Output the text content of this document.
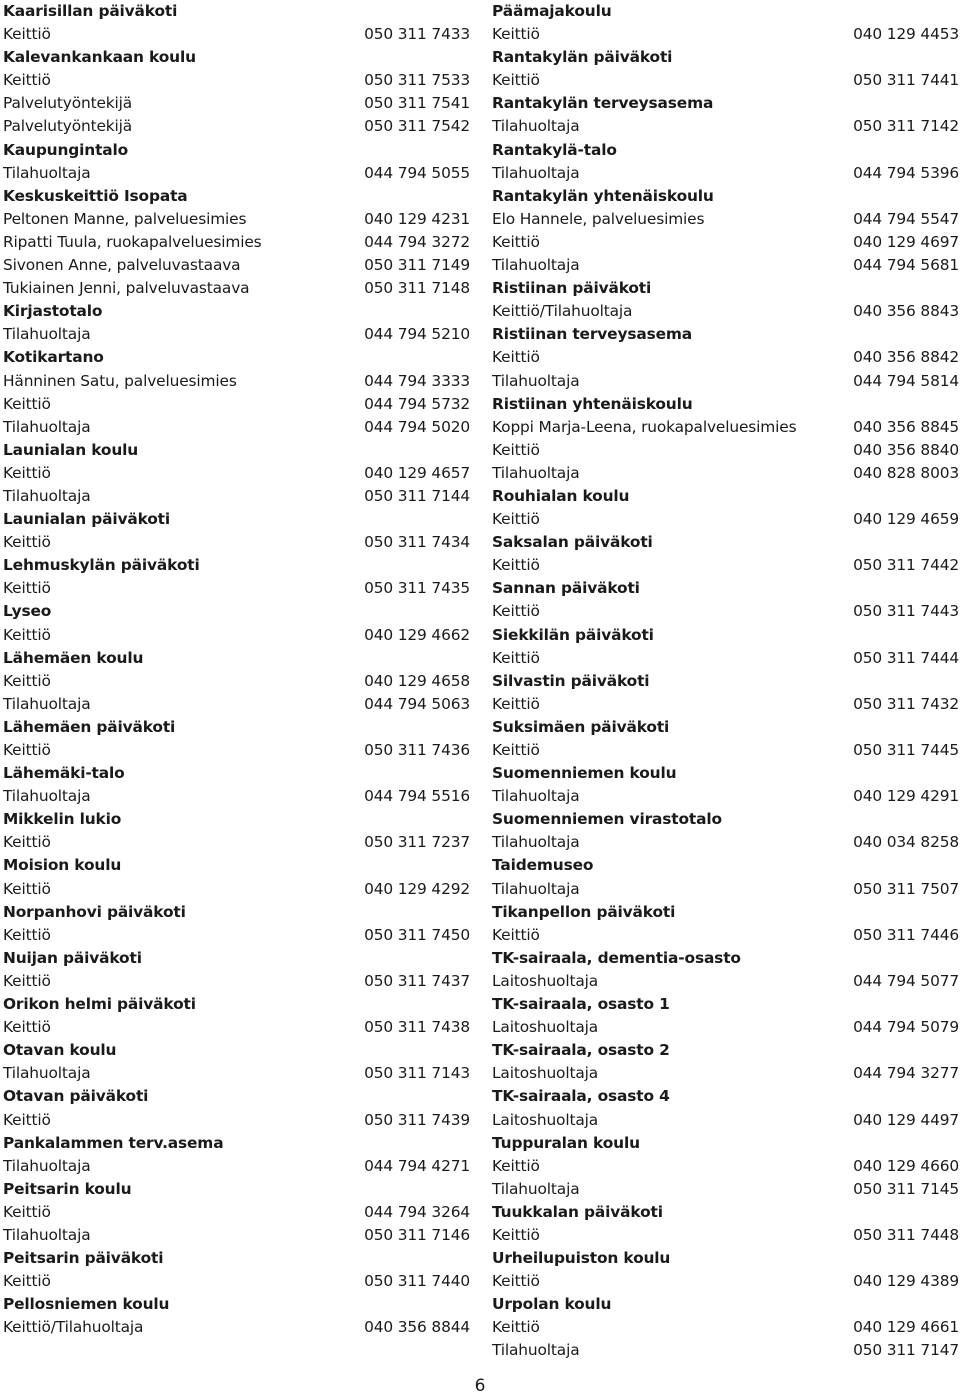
Kaarisillan päiväkoti
Keittiö	050 311 7433
Kalevankankaan koulu
Keittiö	050 311 7533
Palvelutyöntekijä	050 311 7541
Palvelutyöntekijä	050 311 7542
Kaupungintalo
Tilahuoltaja	044 794 5055
Keskuskeittiö Isopata
Peltonen Manne, palveluesimies	040 129 4231
Ripatti Tuula, ruokapalveluesimies	044 794 3272
Sivonen Anne, palveluvastaava	050 311 7149
Tukiainen Jenni, palveluvastaava	050 311 7148
Kirjastotalo
Tilahuoltaja	044 794 5210
Kotikartano
Hänninen Satu, palveluesimies	044 794 3333
Keittiö	044 794 5732
Tilahuoltaja	044 794 5020
Launialan koulu
Keittiö	040 129 4657
Tilahuoltaja	050 311 7144
Launialan päiväkoti
Keittiö	050 311 7434
Lehmuskylän päiväkoti
Keittiö	050 311 7435
Lyseo
Keittiö	040 129 4662
Lähemäen koulu
Keittiö	040 129 4658
Tilahuoltaja	044 794 5063
Lähemäen päiväkoti
Keittiö	050 311 7436
Lähemäki-talo
Tilahuoltaja	044 794 5516
Mikkelin lukio
Keittiö	050 311 7237
Moision koulu
Keittiö	040 129 4292
Norpanhovi päiväkoti
Keittiö	050 311 7450
Nuijan päiväkoti
Keittiö	050 311 7437
Orikon helmi päiväkoti
Keittiö	050 311 7438
Otavan koulu
Tilahuoltaja	050 311 7143
Otavan päiväkoti
Keittiö	050 311 7439
Pankalammen terv.asema
Tilahuoltaja	044 794 4271
Peitsarin koulu
Keittiö	044 794 3264
Tilahuoltaja	050 311 7146
Peitsarin päiväkoti
Keittiö	050 311 7440
Pellosniemen koulu
Keittiö/Tilahuoltaja	040 356 8844
Päämajakoulu
Keittiö	040 129 4453
Rantakylän päiväkoti
Keittiö	050 311 7441
Rantakylän terveysasema
Tilahuoltaja	050 311 7142
Rantakylä-talo
Tilahuoltaja	044 794 5396
Rantakylän yhtenäiskoulu
Elo Hannele, palveluesimies	044 794 5547
Keittiö	040 129 4697
Tilahuoltaja	044 794 5681
Ristiinan päiväkoti
Keittiö/Tilahuoltaja	040 356 8843
Ristiinan terveysasema
Keittiö	040 356 8842
Tilahuoltaja	044 794 5814
Ristiinan yhtenäiskoulu
Koppi Marja-Leena, ruokapalveluesimies	040 356 8845
Keittiö	040 356 8840
Tilahuoltaja	040 828 8003
Rouhialan koulu
Keittiö	040 129 4659
Saksalan päiväkoti
Keittiö	050 311 7442
Sannan päiväkoti
Keittiö	050 311 7443
Siekkilän päiväkoti
Keittiö	050 311 7444
Silvastin päiväkoti
Keittiö	050 311 7432
Suksimäen päiväkoti
Keittiö	050 311 7445
Suomenniemen koulu
Tilahuoltaja	040 129 4291
Suomenniemen virastotalo
Tilahuoltaja	040 034 8258
Taidemuseo
Tilahuoltaja	050 311 7507
Tikanpellon päiväkoti
Keittiö	050 311 7446
TK-sairaala, dementia-osasto
Laitoshuoltaja	044 794 5077
TK-sairaala, osasto 1
Laitoshuoltaja	044 794 5079
TK-sairaala, osasto 2
Laitoshuoltaja	044 794 3277
TK-sairaala, osasto 4
Laitoshuoltaja	040 129 4497
Tuppuralan koulu
Keittiö	040 129 4660
Tilahuoltaja	050 311 7145
Tuukkalan päiväkoti
Keittiö	050 311 7448
Urheilupuiston koulu
Keittiö	040 129 4389
Urpolan koulu
Keittiö	040 129 4661
Tilahuoltaja	050 311 7147
6
